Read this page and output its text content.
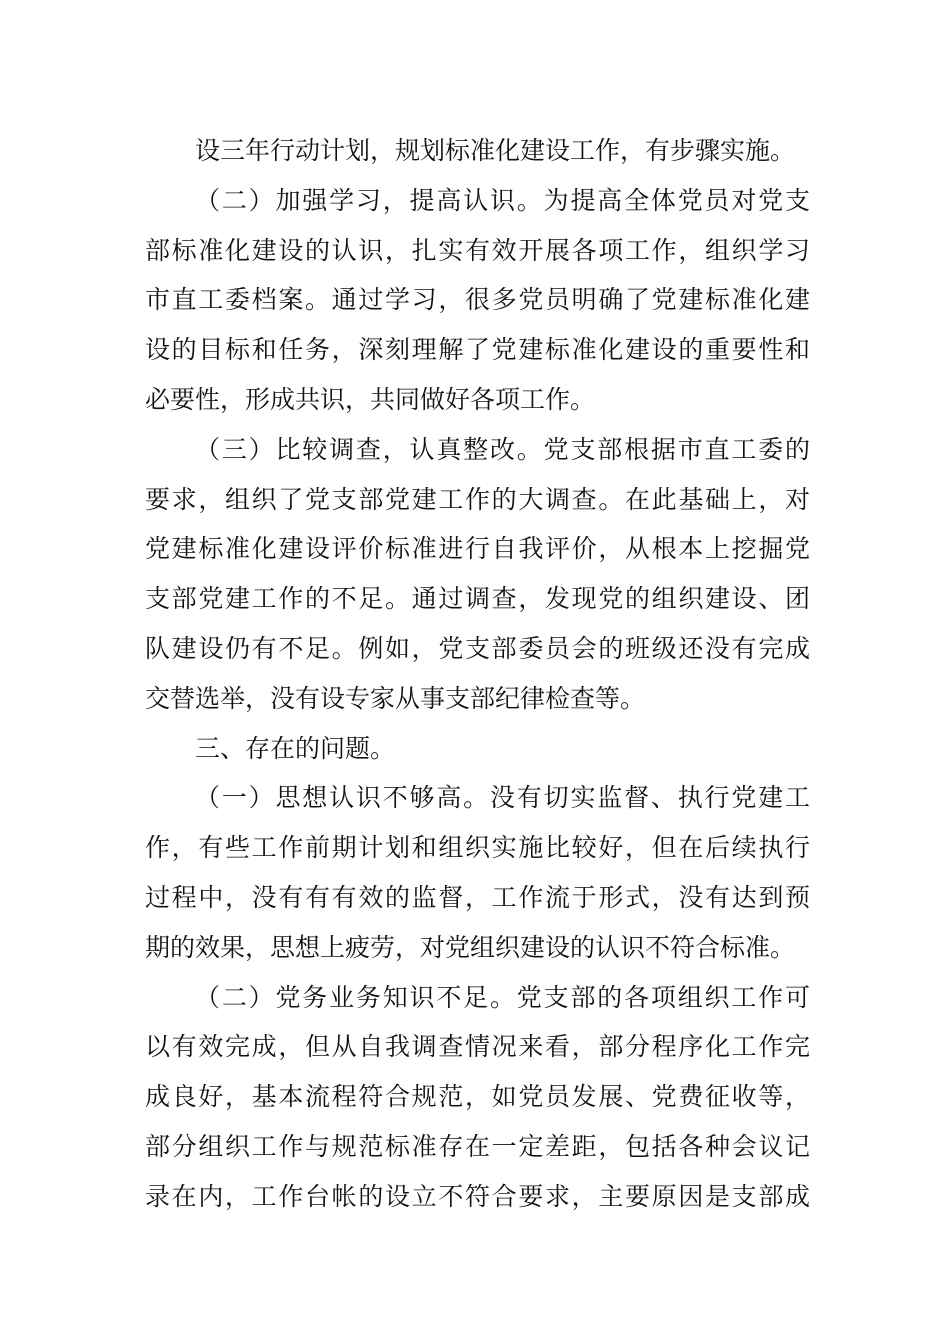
设三年行动计划，规划标准化建设工作，有步骤实施。
（二）加强学习，提高认识。为提高全体党员对党支
部标准化建设的认识，扎实有效开展各项工作，组织学习
市直工委档案。通过学习，很多党员明确了党建标准化建
设的目标和任务，深刻理解了党建标准化建设的重要性和
必要性，形成共识，共同做好各项工作。
（三）比较调查，认真整改。党支部根据市直工委的
要求，组织了党支部党建工作的大调查。在此基础上，对
党建标准化建设评价标准进行自我评价，从根本上挖掘党
支部党建工作的不足。通过调查，发现党的组织建设、团
队建设仍有不足。例如，党支部委员会的班级还没有完成
交替选举，没有设专家从事支部纪律检查等。
三、存在的问题。
（一）思想认识不够高。没有切实监督、执行党建工
作，有些工作前期计划和组织实施比较好，但在后续执行
过程中，没有有有效的监督，工作流于形式，没有达到预
期的效果，思想上疲劳，对党组织建设的认识不符合标准。
（二）党务业务知识不足。党支部的各项组织工作可
以有效完成，但从自我调查情况来看，部分程序化工作完
成良好，基本流程符合规范，如党员发展、党费征收等，
部分组织工作与规范标准存在一定差距，包括各种会议记
录在内，工作台帐的设立不符合要求，主要原因是支部成
